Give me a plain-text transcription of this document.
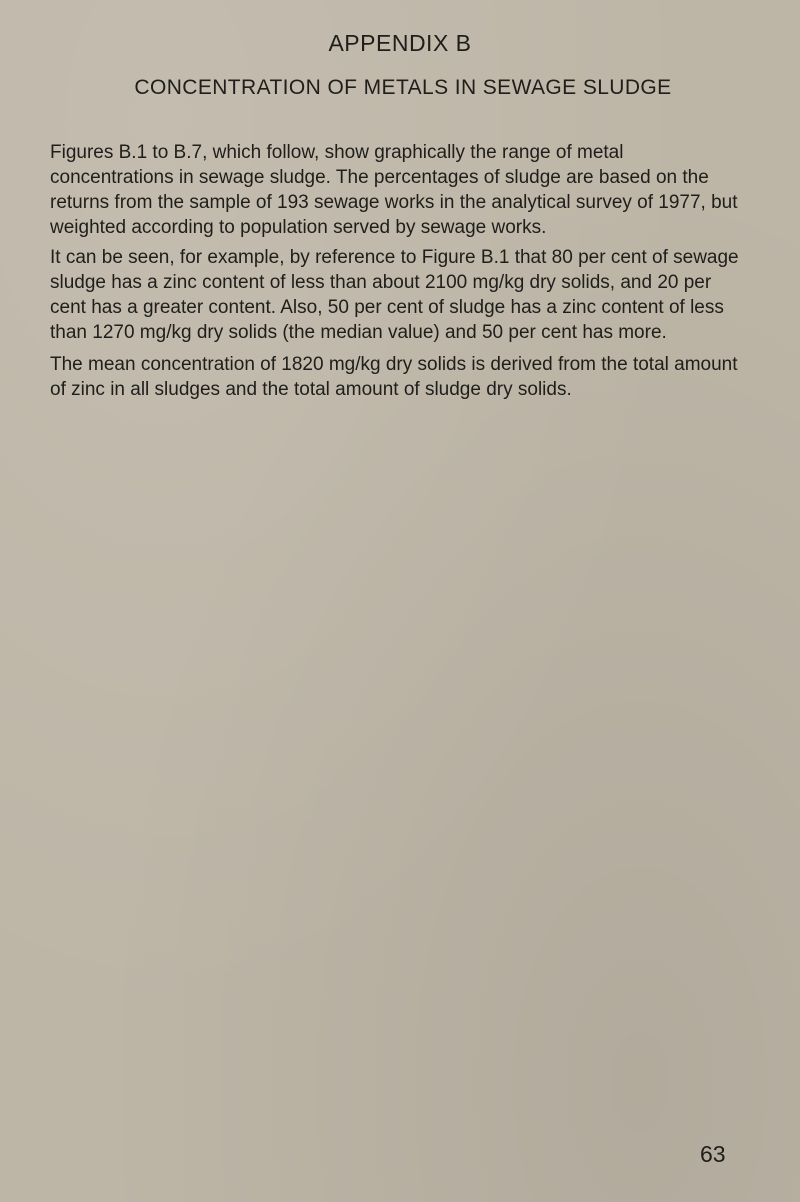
APPENDIX B
CONCENTRATION OF METALS IN SEWAGE SLUDGE

Figures B.1 to B.7, which follow, show graphically the range of metal concentrations in sewage sludge. The percentages of sludge are based on the returns from the sample of 193 sewage works in the analytical survey of 1977, but weighted according to population served by sewage works.

It can be seen, for example, by reference to Figure B.1 that 80 per cent of sewage sludge has a zinc content of less than about 2100 mg/kg dry solids, and 20 per cent has a greater content. Also, 50 per cent of sludge has a zinc content of less than 1270 mg/kg dry solids (the median value) and 50 per cent has more.

The mean concentration of 1820 mg/kg dry solids is derived from the total amount of zinc in all sludges and the total amount of sludge dry solids.

63
